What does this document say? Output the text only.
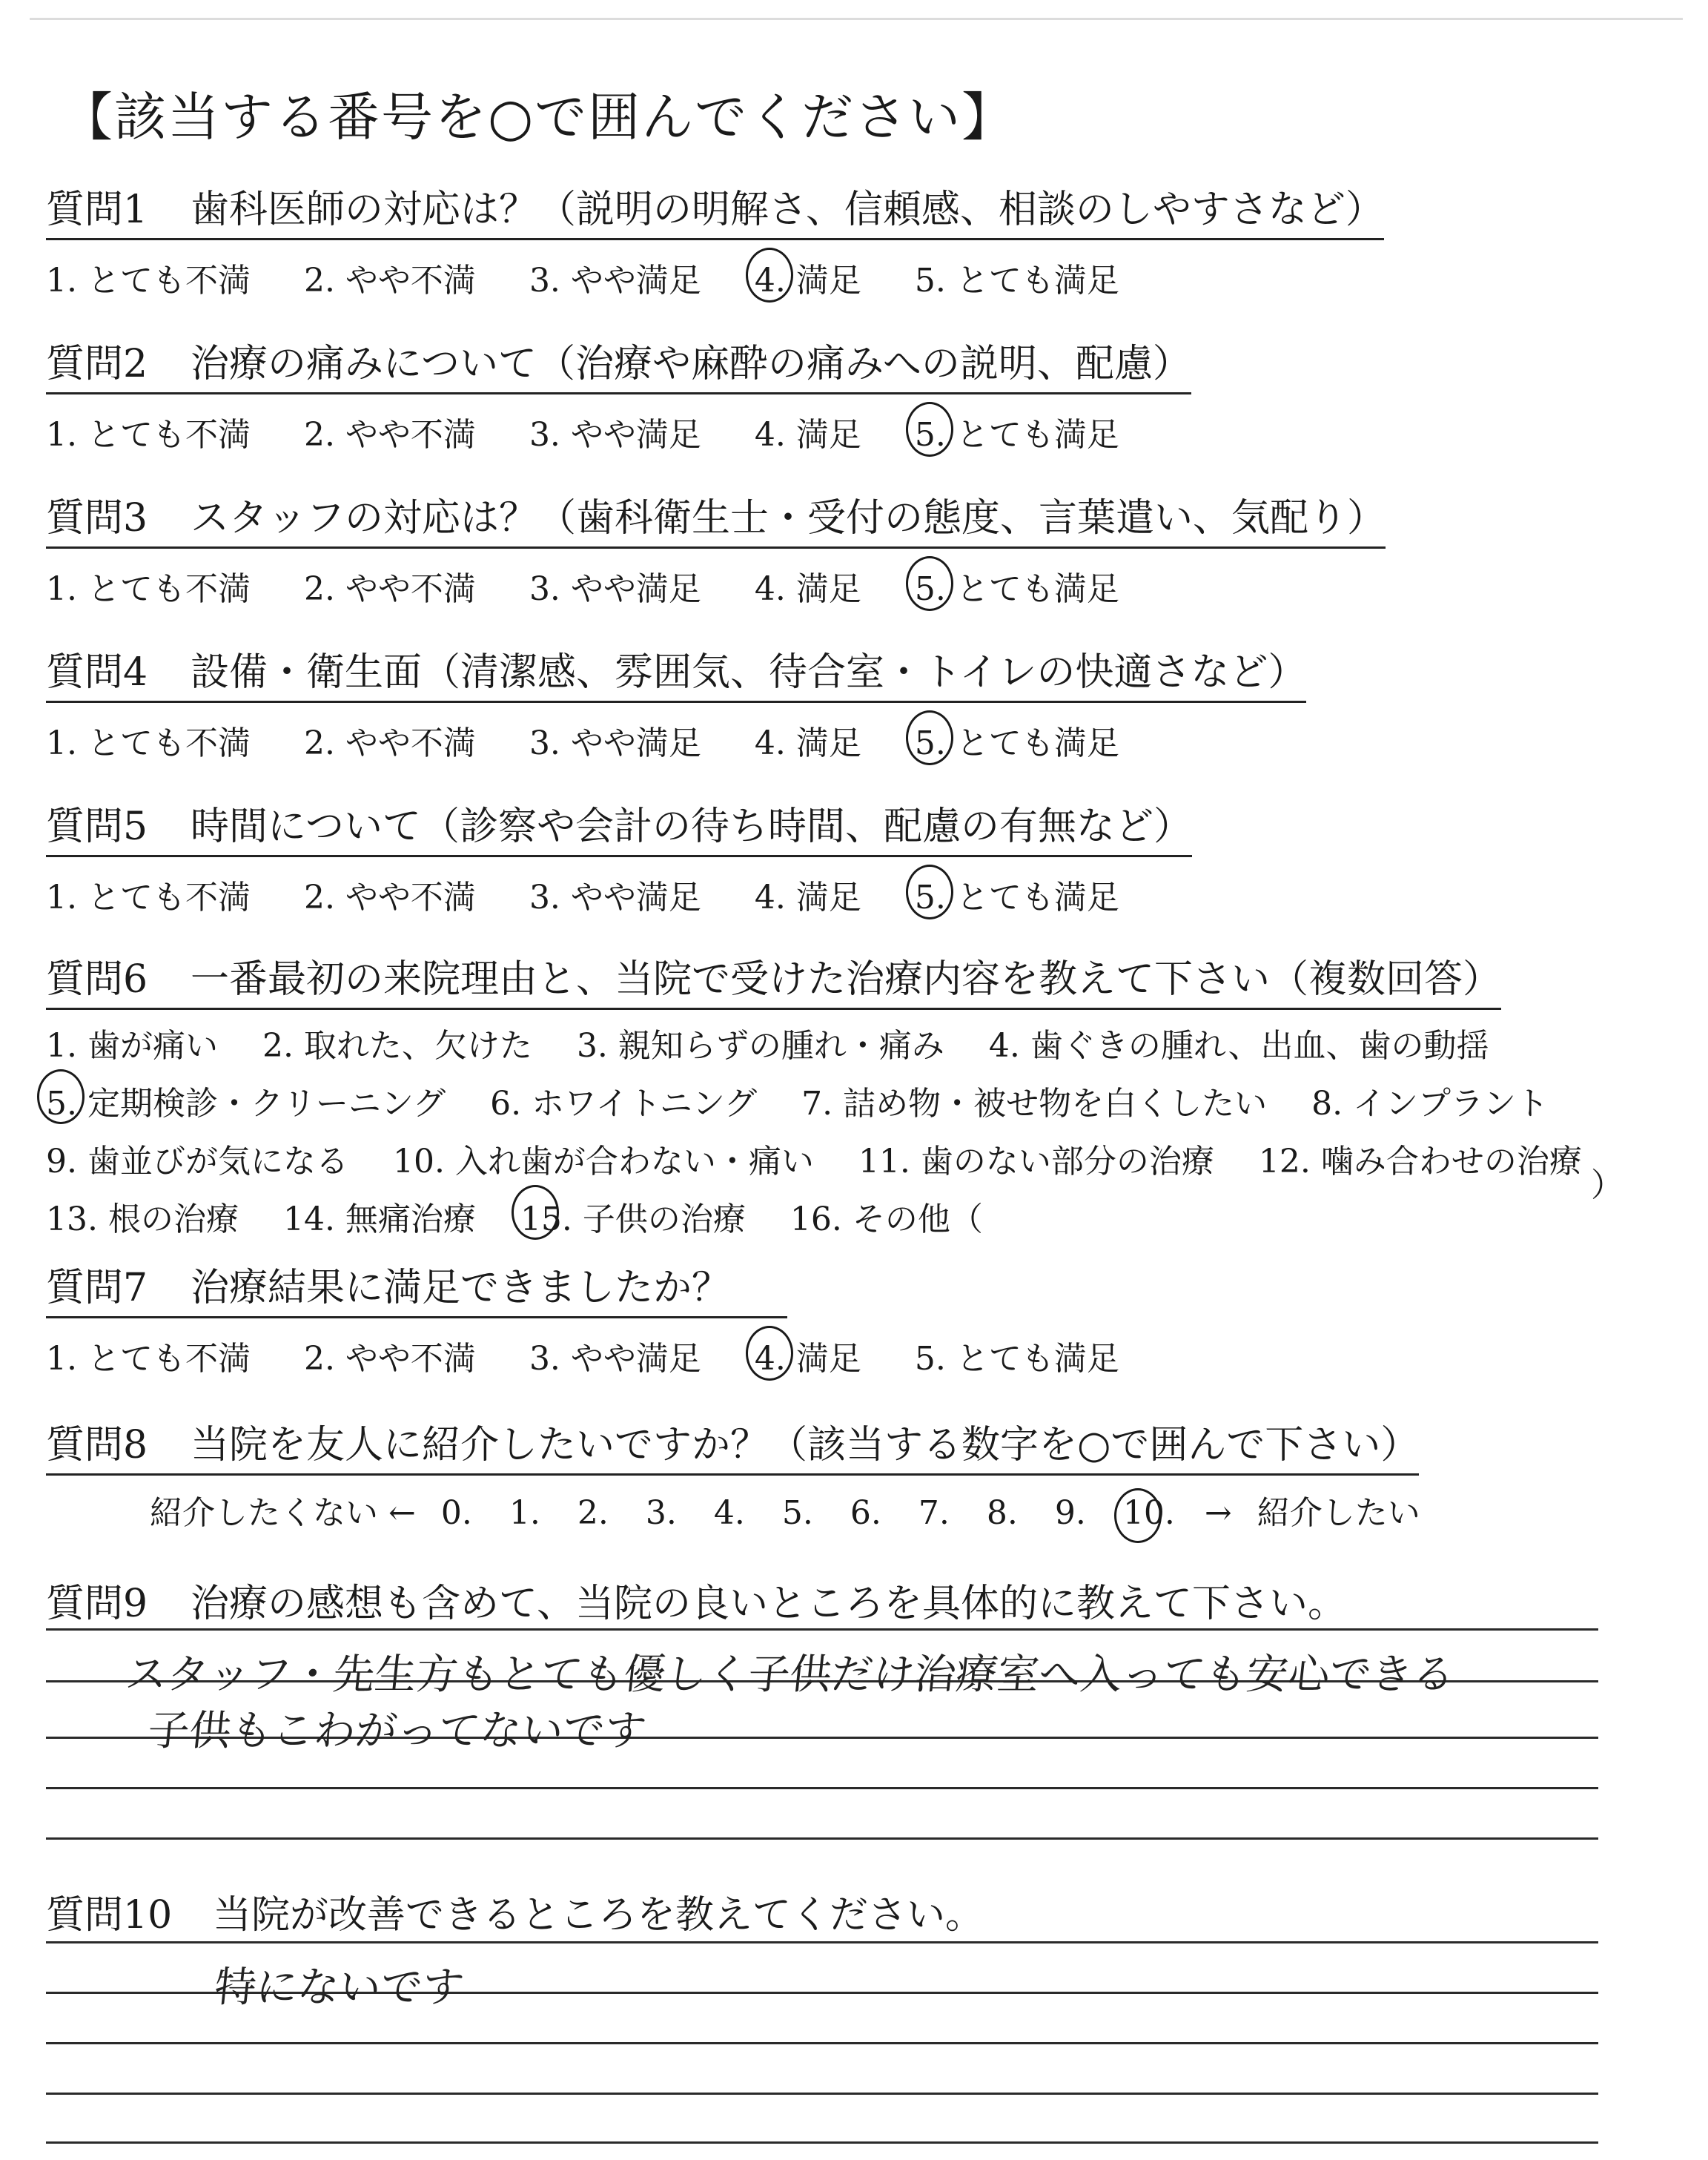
【該当する番号を○で囲んでください】
質問1 歯科医師の対応は？（説明の明解さ、信頼感、相談のしやすさなど）
1. とても不満 2. やや不満 3. やや満足 4. 満足 5. とても満足
質問2 治療の痛みについて（治療や麻酔の痛みへの説明、配慮）
1. とても不満 2. やや不満 3. やや満足 4. 満足 5. とても満足
質問3 スタッフの対応は？（歯科衛生士・受付の態度、言葉遣い、気配り）
1. とても不満 2. やや不満 3. やや満足 4. 満足 5. とても満足
質問4 設備・衛生面（清潔感、雰囲気、待合室・トイレの快適さなど）
1. とても不満 2. やや不満 3. やや満足 4. 満足 5. とても満足
質問5 時間について（診察や会計の待ち時間、配慮の有無など）
1. とても不満 2. やや不満 3. やや満足 4. 満足 5. とても満足
質問6 一番最初の来院理由と、当院で受けた治療内容を教えて下さい（複数回答）
1. 歯が痛い 2. 取れた、欠けた 3. 親知らずの腫れ・痛み 4. 歯ぐきの腫れ、出血、歯の動揺
5. 定期検診・クリーニング 6. ホワイトニング 7. 詰め物・被せ物を白くしたい 8. インプラント
9. 歯並びが気になる 10. 入れ歯が合わない・痛い 11. 歯のない部分の治療 12. 噛み合わせの治療
13. 根の治療 14. 無痛治療 15. 子供の治療 16. その他（
）
質問7 治療結果に満足できましたか？
1. とても不満 2. やや不満 3. やや満足 4. 満足 5. とても満足
質問8 当院を友人に紹介したいですか？（該当する数字を○で囲んで下さい）
紹介したくない ← 0. 1. 2. 3. 4. 5. 6. 7. 8. 9. 10. → 紹介したい
質問9 治療の感想も含めて、当院の良いところを具体的に教えて下さい。
スタッフ・先生方もとても優しく子供だけ治療室へ入っても安心できる
子供もこわがってないです
質問10 当院が改善できるところを教えてください。
特にないです
